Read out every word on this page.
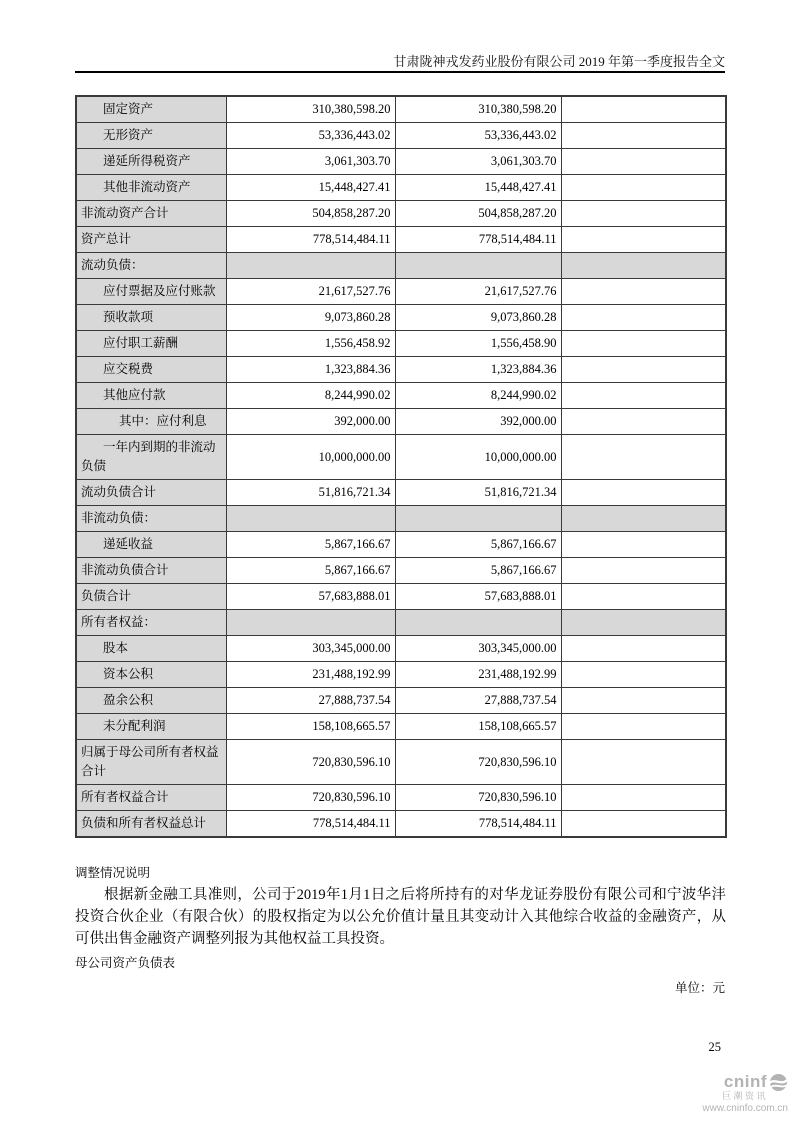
甘肃陇神戎发药业股份有限公司 2019 年第一季度报告全文
固定资产	310,380,598.20	310,380,598.20	
无形资产	53,336,443.02	53,336,443.02	
递延所得税资产	3,061,303.70	3,061,303.70	
其他非流动资产	15,448,427.41	15,448,427.41	
非流动资产合计	504,858,287.20	504,858,287.20	
资产总计	778,514,484.11	778,514,484.11	
流动负债：			
应付票据及应付账款	21,617,527.76	21,617,527.76	
预收款项	9,073,860.28	9,073,860.28	
应付职工薪酬	1,556,458.92	1,556,458.90	
应交税费	1,323,884.36	1,323,884.36	
其他应付款	8,244,990.02	8,244,990.02	
其中：应付利息	392,000.00	392,000.00	
一年内到期的非流动负债	10,000,000.00	10,000,000.00	
流动负债合计	51,816,721.34	51,816,721.34	
非流动负债：			
递延收益	5,867,166.67	5,867,166.67	
非流动负债合计	5,867,166.67	5,867,166.67	
负债合计	57,683,888.01	57,683,888.01	
所有者权益：			
股本	303,345,000.00	303,345,000.00	
资本公积	231,488,192.99	231,488,192.99	
盈余公积	27,888,737.54	27,888,737.54	
未分配利润	158,108,665.57	158,108,665.57	
归属于母公司所有者权益合计	720,830,596.10	720,830,596.10	
所有者权益合计	720,830,596.10	720,830,596.10	
负债和所有者权益总计	778,514,484.11	778,514,484.11	
调整情况说明
根据新金融工具准则，公司于2019年1月1日之后将所持有的对华龙证券股份有限公司和宁波华沣投资合伙企业（有限合伙）的股权指定为以公允价值计量且其变动计入其他综合收益的金融资产，从可供出售金融资产调整列报为其他权益工具投资。
母公司资产负债表
单位：元
25
cninf
巨潮资讯
www.cninfo.com.cn
